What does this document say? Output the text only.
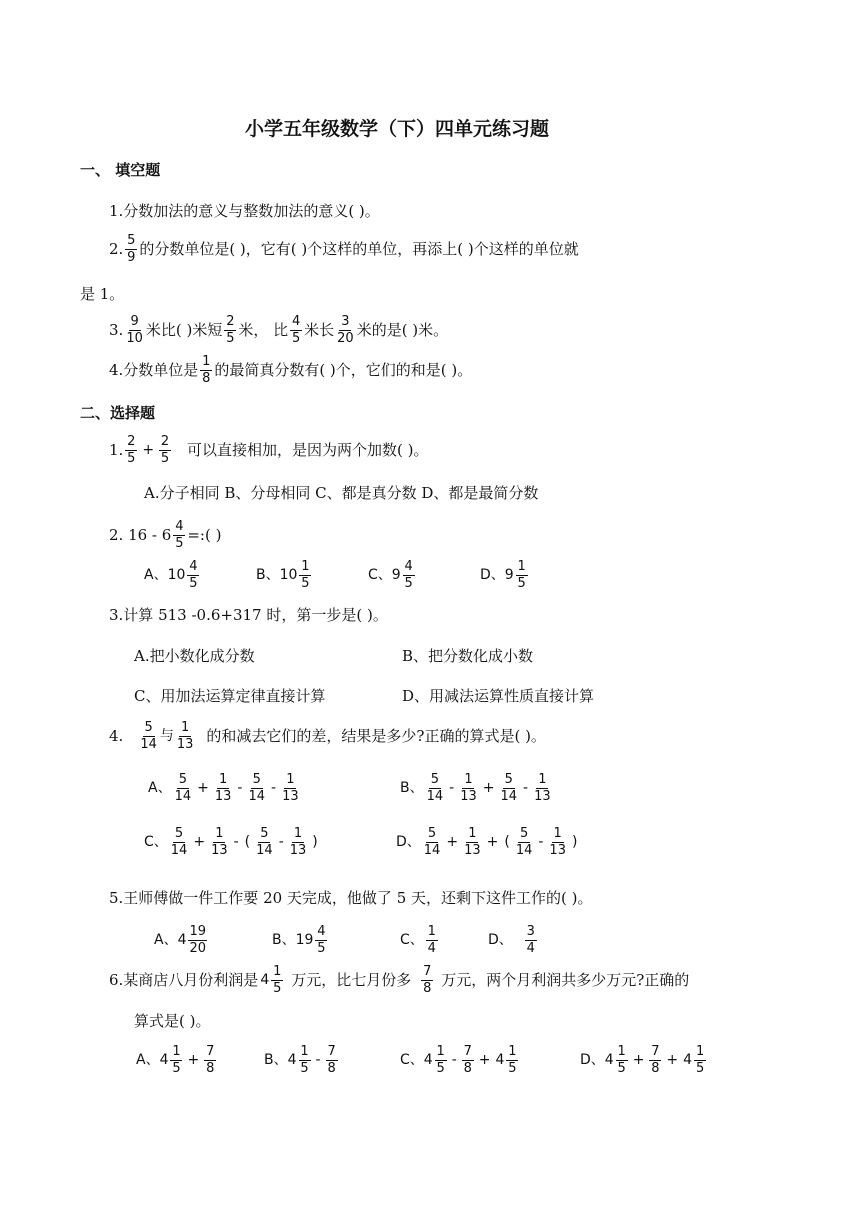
小学五年级数学（下）四单元练习题
一、 填空题
1.分数加法的意义与整数加法的意义( )。
2. $\frac{5}{9}$ 的分数单位是( )，它有( )个这样的单位，再添上( )个这样的单位就
是 1。
3. $\frac{9}{10}$ 米比( )米短 $\frac{2}{5}$ 米， 比 $\frac{4}{5}$ 米长 $\frac{3}{20}$ 米的是( )米。
4.分数单位是 $\frac{1}{8}$ 的最简真分数有( )个，它们的和是( )。
二、选择题
1. $\frac{2}{5} + \frac{2}{5}$ 可以直接相加，是因为两个加数( )。
A.分子相同 B、分母相同 C、都是真分数 D、都是最简分数
2. $16 - 6 \frac{4}{5}$ =:( )
A、$10 \frac{4}{5}$	B、$10 \frac{1}{5}$	C、$9 \frac{4}{5}$	D、$9 \frac{1}{5}$
3.计算 513 -0.6+317 时，第一步是( )。
A.把小数化成分数	B、把分数化成小数
C、用加法运算定律直接计算	D、用减法运算性质直接计算
4. $\frac{5}{14}$ 与 $\frac{1}{13}$ 的和减去它们的差，结果是多少?正确的算式是( )。
A、 $\frac{5}{14} + \frac{1}{13} - \frac{5}{14} - \frac{1}{13}$	B、 $\frac{5}{14} - \frac{1}{13} + \frac{5}{14} - \frac{1}{13}$
C、 $\frac{5}{14} + \frac{1}{13}$ - ( $\frac{5}{14} - \frac{1}{13}$ )	D、 $\frac{5}{14} + \frac{1}{13}$ + ( $\frac{5}{14} - \frac{1}{13}$ )
5.王师傅做一件工作要 20 天完成，他做了 5 天，还剩下这件工作的( )。
A、$4 \frac{19}{20}$	B、$19 \frac{4}{5}$	C、 $\frac{1}{4}$	D、 $\frac{3}{4}$
6.某商店八月份利润是 $4 \frac{1}{5}$ 万元，比七月份多 $\frac{7}{8}$ 万元，两个月利润共多少万元?正确的
算式是( )。
A、$4 \frac{1}{5} + \frac{7}{8}$	B、$4 \frac{1}{5} - \frac{7}{8}$	C、$4 \frac{1}{5} - \frac{7}{8} + 4 \frac{1}{5}$	D、$4 \frac{1}{5} + \frac{7}{8} + 4 \frac{1}{5}$
